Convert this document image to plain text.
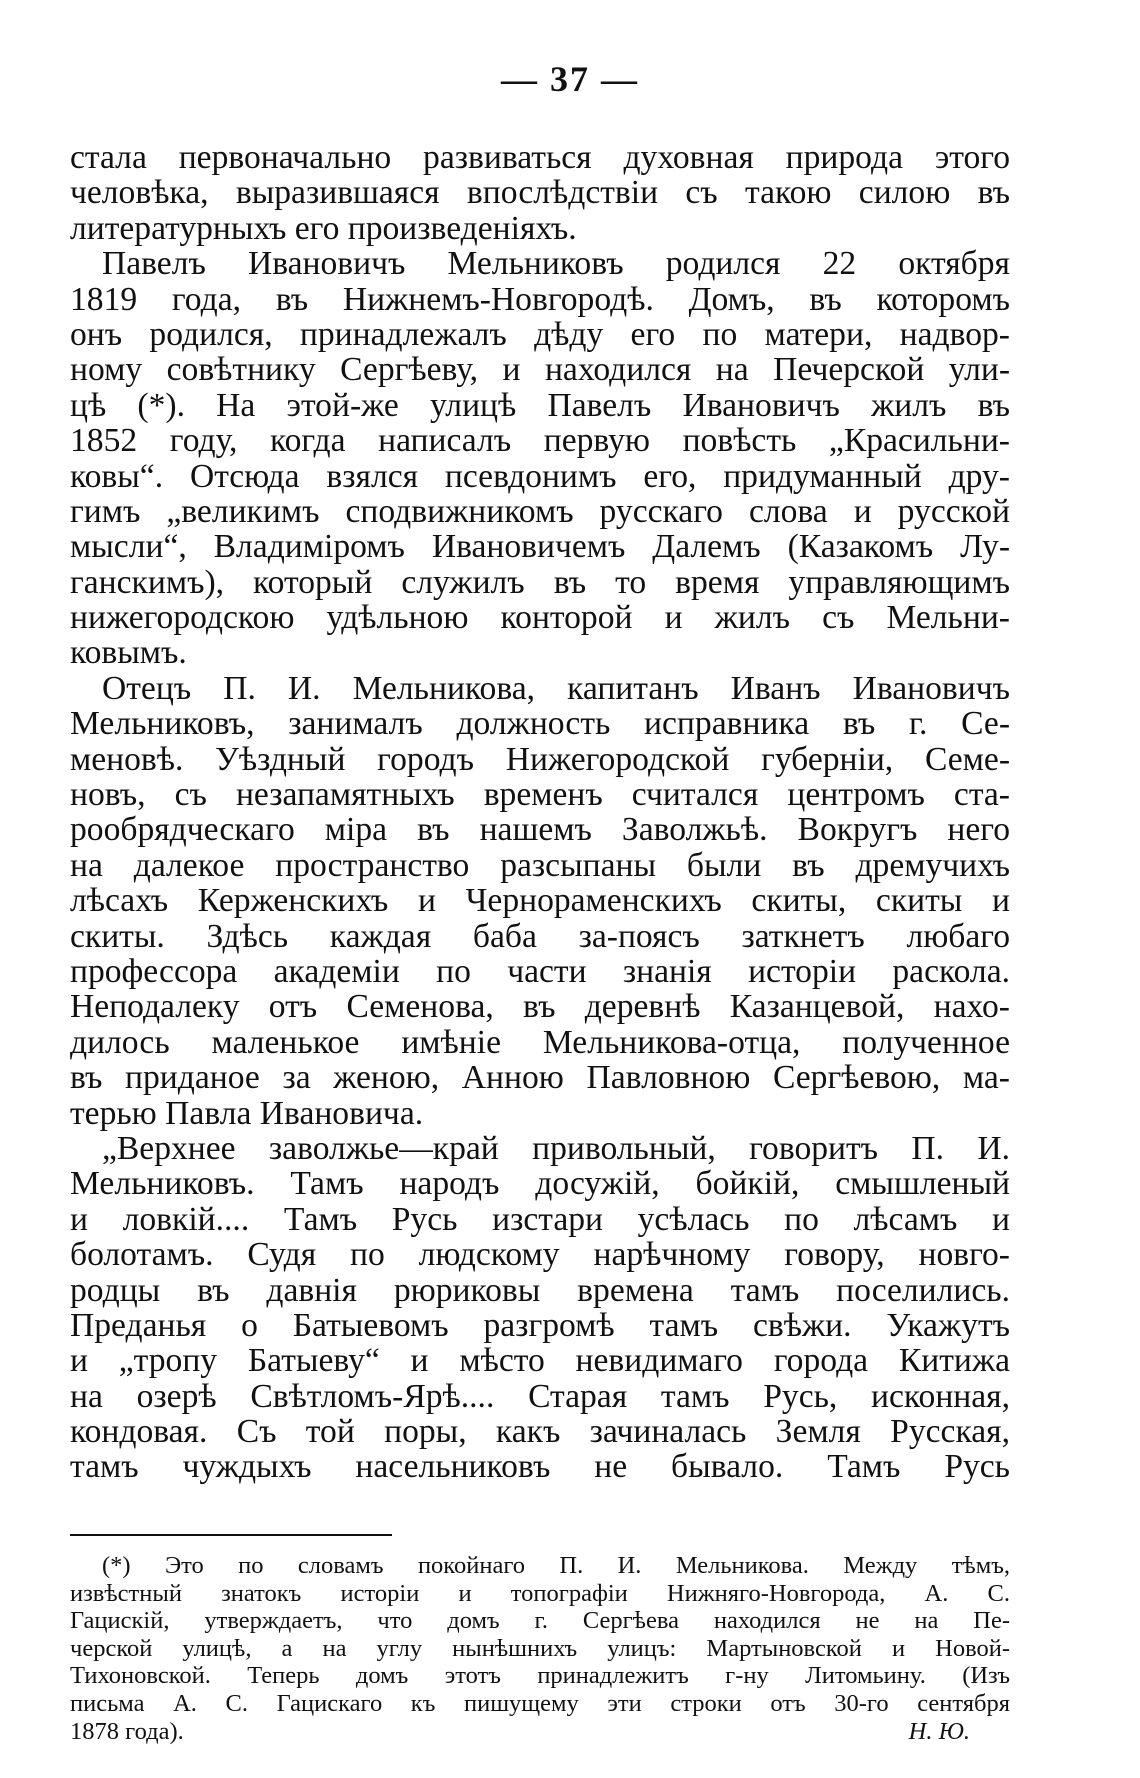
— 37 —
стала первоначально развиваться духовная природа этого
человѣка, выразившаяся впослѣдствіи съ такою силою въ
литературныхъ его произведеніяхъ.
Павелъ Ивановичъ Мельниковъ родился 22 октября
1819 года, въ Нижнемъ-Новгородѣ. Домъ, въ которомъ
онъ родился, принадлежалъ дѣду его по матери, надвор-
ному совѣтнику Сергѣеву, и находился на Печерской ули-
цѣ (*). На этой-же улицѣ Павелъ Ивановичъ жилъ въ
1852 году, когда написалъ первую повѣсть „Красильни-
ковы“. Отсюда взялся псевдонимъ его, придуманный дру-
гимъ „великимъ сподвижникомъ русскаго слова и русской
мысли“, Владиміромъ Ивановичемъ Далемъ (Казакомъ Лу-
ганскимъ), который служилъ въ то время управляющимъ
нижегородскою удѣльною конторой и жилъ съ Мельни-
ковымъ.
Отецъ П. И. Мельникова, капитанъ Иванъ Ивановичъ
Мельниковъ, занималъ должность исправника въ г. Се-
меновѣ. Уѣздный городъ Нижегородской губерніи, Семе-
новъ, съ незапамятныхъ временъ считался центромъ ста-
рообрядческаго міра въ нашемъ Заволжьѣ. Вокругъ него
на далекое пространство разсыпаны были въ дремучихъ
лѣсахъ Керженскихъ и Чернораменскихъ скиты, скиты и
скиты. Здѣсь каждая баба за-поясъ заткнетъ любаго
профессора академіи по части знанія исторіи раскола.
Неподалеку отъ Семенова, въ деревнѣ Казанцевой, нахо-
дилось маленькое имѣніе Мельникова-отца, полученное
въ приданое за женою, Анною Павловною Сергѣевою, ма-
терью Павла Ивановича.
„Верхнее заволжье—край привольный, говоритъ П. И.
Мельниковъ. Тамъ народъ досужій, бойкій, смышленый
и ловкій.... Тамъ Русь изстари усѣлась по лѣсамъ и
болотамъ. Судя по людскому нарѣчному говору, новго-
родцы въ давнія рюриковы времена тамъ поселились.
Преданья о Батыевомъ разгромѣ тамъ свѣжи. Укажутъ
и „тропу Батыеву“ и мѣсто невидимаго города Китижа
на озерѣ Свѣтломъ-Ярѣ.... Старая тамъ Русь, исконная,
кондовая. Съ той поры, какъ зачиналась Земля Русская,
тамъ чуждыхъ насельниковъ не бывало. Тамъ Русь
(*) Это по словамъ покойнаго П. И. Мельникова. Между тѣмъ,
извѣстный знатокъ исторіи и топографіи Нижняго-Новгорода, А. С.
Гацискій, утверждаетъ, что домъ г. Сергѣева находился не на Пе-
черской улицѣ, а на углу нынѣшнихъ улицъ: Мартыновской и Новой-
Тихоновской. Теперь домъ этотъ принадлежитъ г-ну Литомьину. (Изъ
письма А. С. Гацискаго къ пишущему эти строки отъ 30-го сентября
1878 года).	Н. Ю.
